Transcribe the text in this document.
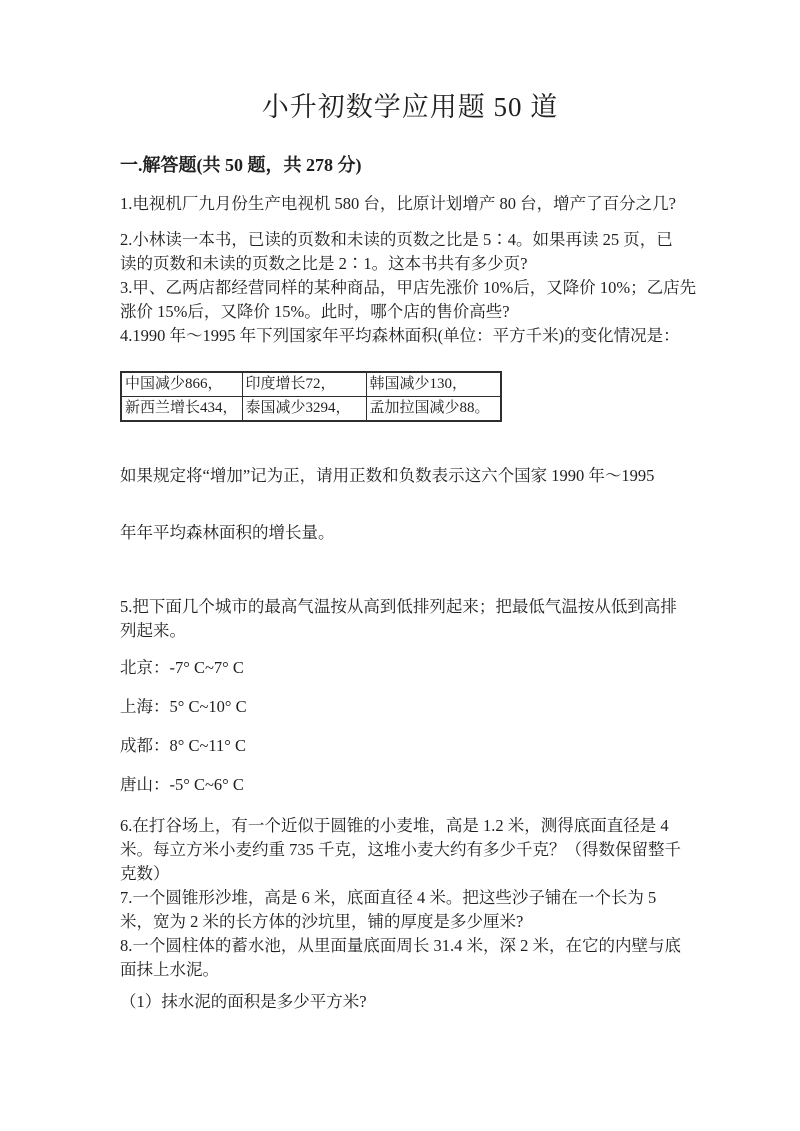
小升初数学应用题 50 道
一.解答题(共 50 题，共 278 分)

1.电视机厂九月份生产电视机 580 台，比原计划增产 80 台，增产了百分之几?

2.小林读一本书，已读的页数和未读的页数之比是 5∶4。如果再读 25 页，已

读的页数和未读的页数之比是 2∶1。这本书共有多少页?

3.甲、乙两店都经营同样的某种商品，甲店先涨价 10%后，又降价 10%；乙店先

涨价 15%后，又降价 15%。此时，哪个店的售价高些?

4.1990 年～1995 年下列国家年平均森林面积(单位：平方千米)的变化情况是：

中国减少866，	印度增长72，	韩国减少130，
新西兰增长434，	泰国减少3294，	孟加拉国减少88。

如果规定将“增加”记为正，请用正数和负数表示这六个国家 1990 年～1995

年年平均森林面积的增长量。

5.把下面几个城市的最高气温按从高到低排列起来；把最低气温按从低到高排

列起来。

北京：-7° C~7° C

上海：5° C~10° C

成都：8° C~11° C

唐山：-5° C~6° C

6.在打谷场上，有一个近似于圆锥的小麦堆，高是 1.2 米，测得底面直径是 4

米。每立方米小麦约重 735 千克，这堆小麦大约有多少千克？（得数保留整千

克数）

7.一个圆锥形沙堆，高是 6 米，底面直径 4 米。把这些沙子铺在一个长为 5

米，宽为 2 米的长方体的沙坑里，铺的厚度是多少厘米?

8.一个圆柱体的蓄水池，从里面量底面周长 31.4 米，深 2 米，在它的内壁与底

面抹上水泥。

（1）抹水泥的面积是多少平方米?
